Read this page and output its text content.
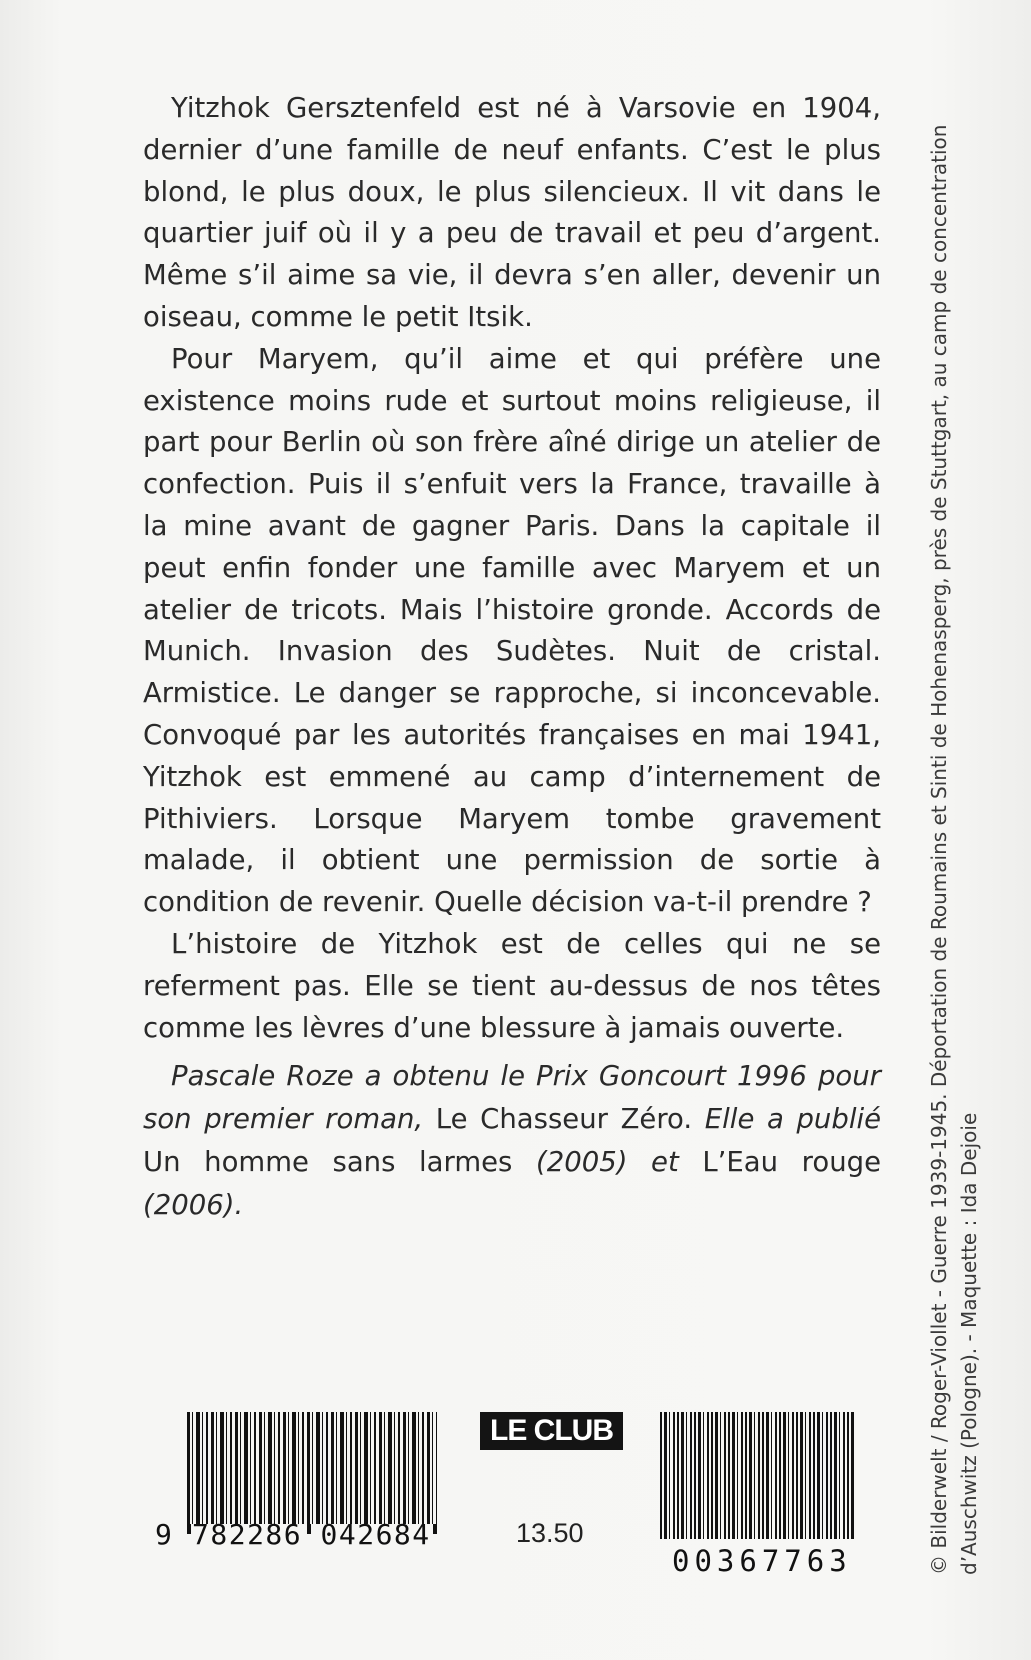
Yitzhok Gersztenfeld est né à Varsovie en 1904, dernier d’une famille de neuf enfants. C’est le plus blond, le plus doux, le plus silencieux. Il vit dans le quartier juif où il y a peu de travail et peu d’argent. Même s’il aime sa vie, il devra s’en aller, devenir un oiseau, comme le petit Itsik.

Pour Maryem, qu’il aime et qui préfère une existence moins rude et surtout moins religieuse, il part pour Berlin où son frère aîné dirige un atelier de confection. Puis il s’enfuit vers la France, travaille à la mine avant de gagner Paris. Dans la capitale il peut enfin fonder une famille avec Maryem et un atelier de tricots. Mais l’histoire gronde. Accords de Munich. Invasion des Sudètes. Nuit de cristal. Armistice. Le danger se rapproche, si inconcevable. Convoqué par les autorités françaises en mai 1941, Yitzhok est emmené au camp d’internement de Pithiviers. Lorsque Maryem tombe gravement malade, il obtient une permission de sortie à condition de revenir. Quelle décision va-t-il prendre ?

L’histoire de Yitzhok est de celles qui ne se referment pas. Elle se tient au-dessus de nos têtes comme les lèvres d’une blessure à jamais ouverte.

Pascale Roze a obtenu le Prix Goncourt 1996 pour son premier roman, Le Chasseur Zéro. Elle a publié Un homme sans larmes (2005) et L’Eau rouge (2006).	© Bilderwelt / Roger-Viollet - Guerre 1939-1945. Déportation de Roumains et Sinti de Hohenasperg, près de Stuttgart, au camp de concentration d’Auschwitz (Pologne). - Maquette : Ida Dejoie
9 782286 042684
LE CLUB
13.50
00367763
